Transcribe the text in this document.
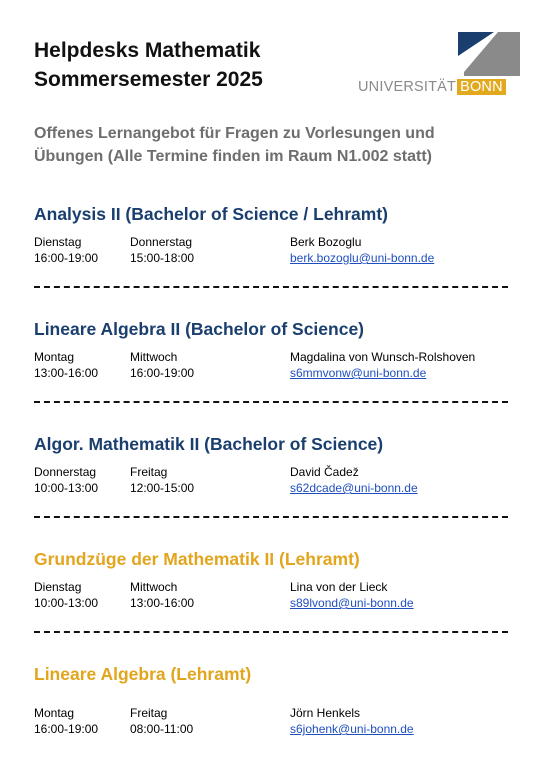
Helpdesks Mathematik
Sommersemester 2025	UNIVERSITÄT BONN
Offenes Lernangebot für Fragen zu Vorlesungen und
Übungen (Alle Termine finden im Raum N1.002 statt)
Analysis II (Bachelor of Science / Lehramt)
Dienstag
16:00-19:00
Donnerstag
15:00-18:00
Berk Bozoglu
berk.bozoglu@uni-bonn.de
Lineare Algebra II (Bachelor of Science)
Montag
13:00-16:00
Mittwoch
16:00-19:00
Magdalina von Wunsch-Rolshoven
s6mmvonw@uni-bonn.de
Algor. Mathematik II (Bachelor of Science)
Donnerstag
10:00-13:00
Freitag
12:00-15:00
David Čadež
s62dcade@uni-bonn.de
Grundzüge der Mathematik II (Lehramt)
Dienstag
10:00-13:00
Mittwoch
13:00-16:00
Lina von der Lieck
s89lvond@uni-bonn.de
Lineare Algebra (Lehramt)
Montag
16:00-19:00
Freitag
08:00-11:00
Jörn Henkels
s6johenk@uni-bonn.de
